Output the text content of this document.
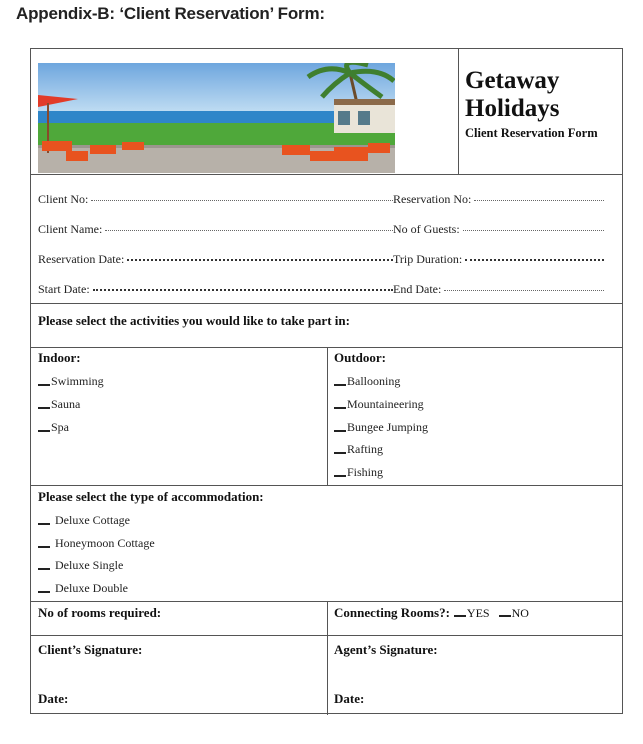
Appendix-B: ‘Client Reservation’ Form:
Getaway
Holidays
Client Reservation Form
Client No:	Reservation No:
Client Name:	No of Guests:
Reservation Date:	Trip Duration:
Start Date:	End Date:
Please select the activities you would like to take part in:
Indoor:	Outdoor:
Swimming
Sauna
Spa
Ballooning
Mountaineering
Bungee Jumping
Rafting
Fishing
Please select the type of accommodation:
Deluxe Cottage
Honeymoon Cottage
Deluxe Single
Deluxe Double
No of rooms required:	Connecting Rooms?: YES NO
Client’s Signature:	Agent’s Signature:
Date:	Date:
